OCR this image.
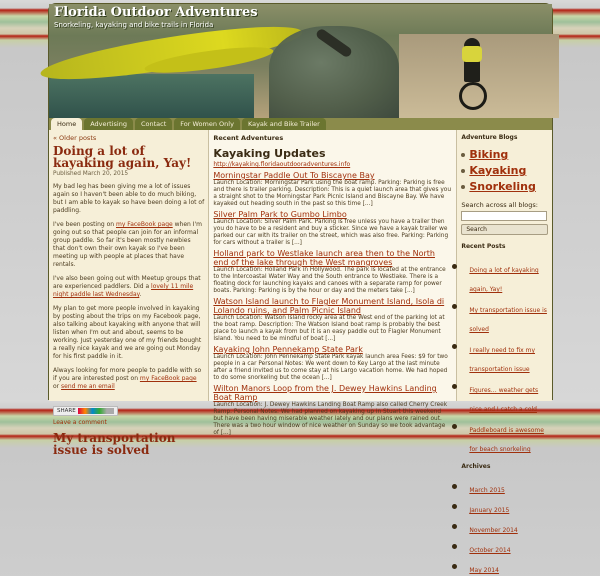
Florida Outdoor Adventures
Snorkeling, kayaking and bike trails in Florida
Home	Advertising	Contact	For Women Only	Kayak and Bike Trailer
« Older posts
Doing a lot of kayaking again, Yay!
Published March 20, 2015
My bad leg has been giving me a lot of issues again so I haven't been able to do much biking, but I am able to kayak so have been doing a lot of paddling.
I've been posting on my FaceBook page when I'm going out so that people can join for an informal group paddle. So far it's been mostly newbies that don't own their own kayak so I've been meeting up with people at places that have rentals.
I've also been going out with Meetup groups that are experienced paddlers. Did a lovely 11 mile night paddle last Wednesday.
My plan to get more people involved in kayaking by posting about the trips on my Facebook page, also talking about kayaking with anyone that will listen when I'm out and about, seems to be working. Just yesterday one of my friends bought a really nice kayak and we are going out Monday for his first paddle in it.
Always looking for more people to paddle with so if you are interested post on my FaceBook page or send me an email
SHARE
Leave a comment
My transportation issue is solved
Recent Adventures
Kayaking Updates
http://kayaking.floridaoutdooradventures.info
Morningstar Paddle Out To Biscayne Bay
Launch Location: Morningstar Park using the boat ramp. Parking: Parking is free and there is trailer parking. Description: This is a quiet launch area that gives you a straight shot to the Morningstar Park Picnic Island and Biscayne Bay. We have kayaked out heading south in the past so this time [...]
Silver Palm Park to Gumbo Limbo
Launch Location: Silver Palm Park. Parking is free unless you have a trailer then you do have to be a resident and buy a sticker. Since we have a kayak trailer we parked our car with its trailer on the street, which was also free. Parking: Parking for cars without a trailer is [...]
Holland park to Westlake launch area then to the North end of the lake through the West mangroves
Launch Location: Holland Park in Hollywood. The park is located at the entrance to the Intercoastal Water Way and the South entrance to Westlake. There is a floating dock for launching kayaks and canoes with a separate ramp for power boats. Parking: Parking is by the hour or day and the meters take [...]
Watson Island launch to Flagler Monument Island, Isola di Lolando ruins, and Palm Picnic Island
Launch Location: Watson Island rocky area at the West end of the parking lot at the boat ramp. Description: The Watson Island boat ramp is probably the best place to launch a kayak from but it is an easy paddle out to Flagler Monument Island. You need to be mindful of boat [...]
Kayaking John Pennekamp State Park
Launch Location: John Pennekamp State Park kayak launch area Fees: $9 for two people in a car Personal Notes: We went down to Key Largo at the last minute after a friend invited us to come stay at his Largo vacation home. We had hoped to do some snorkeling but the ocean [...]
Wilton Manors Loop from the J. Dewey Hawkins Landing Boat Ramp
Launch Location: J. Dewey Hawkins Landing Boat Ramp also called Cherry Creek Ramp. Personal Notes: We had planned on kayaking up in Stuart this weekend but have been having miserable weather lately and our plans were rained out. There was a two hour window of nice weather on Sunday so we took advantage of [...]
Adventure Blogs
Biking
Kayaking
Snorkeling
Search across all blogs:
Search
Recent Posts
• Doing a lot of kayaking again, Yay!
• My transportation issue is solved
• I really need to fix my transportation issue
• Figures… weather gets nice and I catch a cold
• Paddleboard is awesome for beach snorkeling
Archives
• March 2015
• January 2015
• November 2014
• October 2014
• May 2014
